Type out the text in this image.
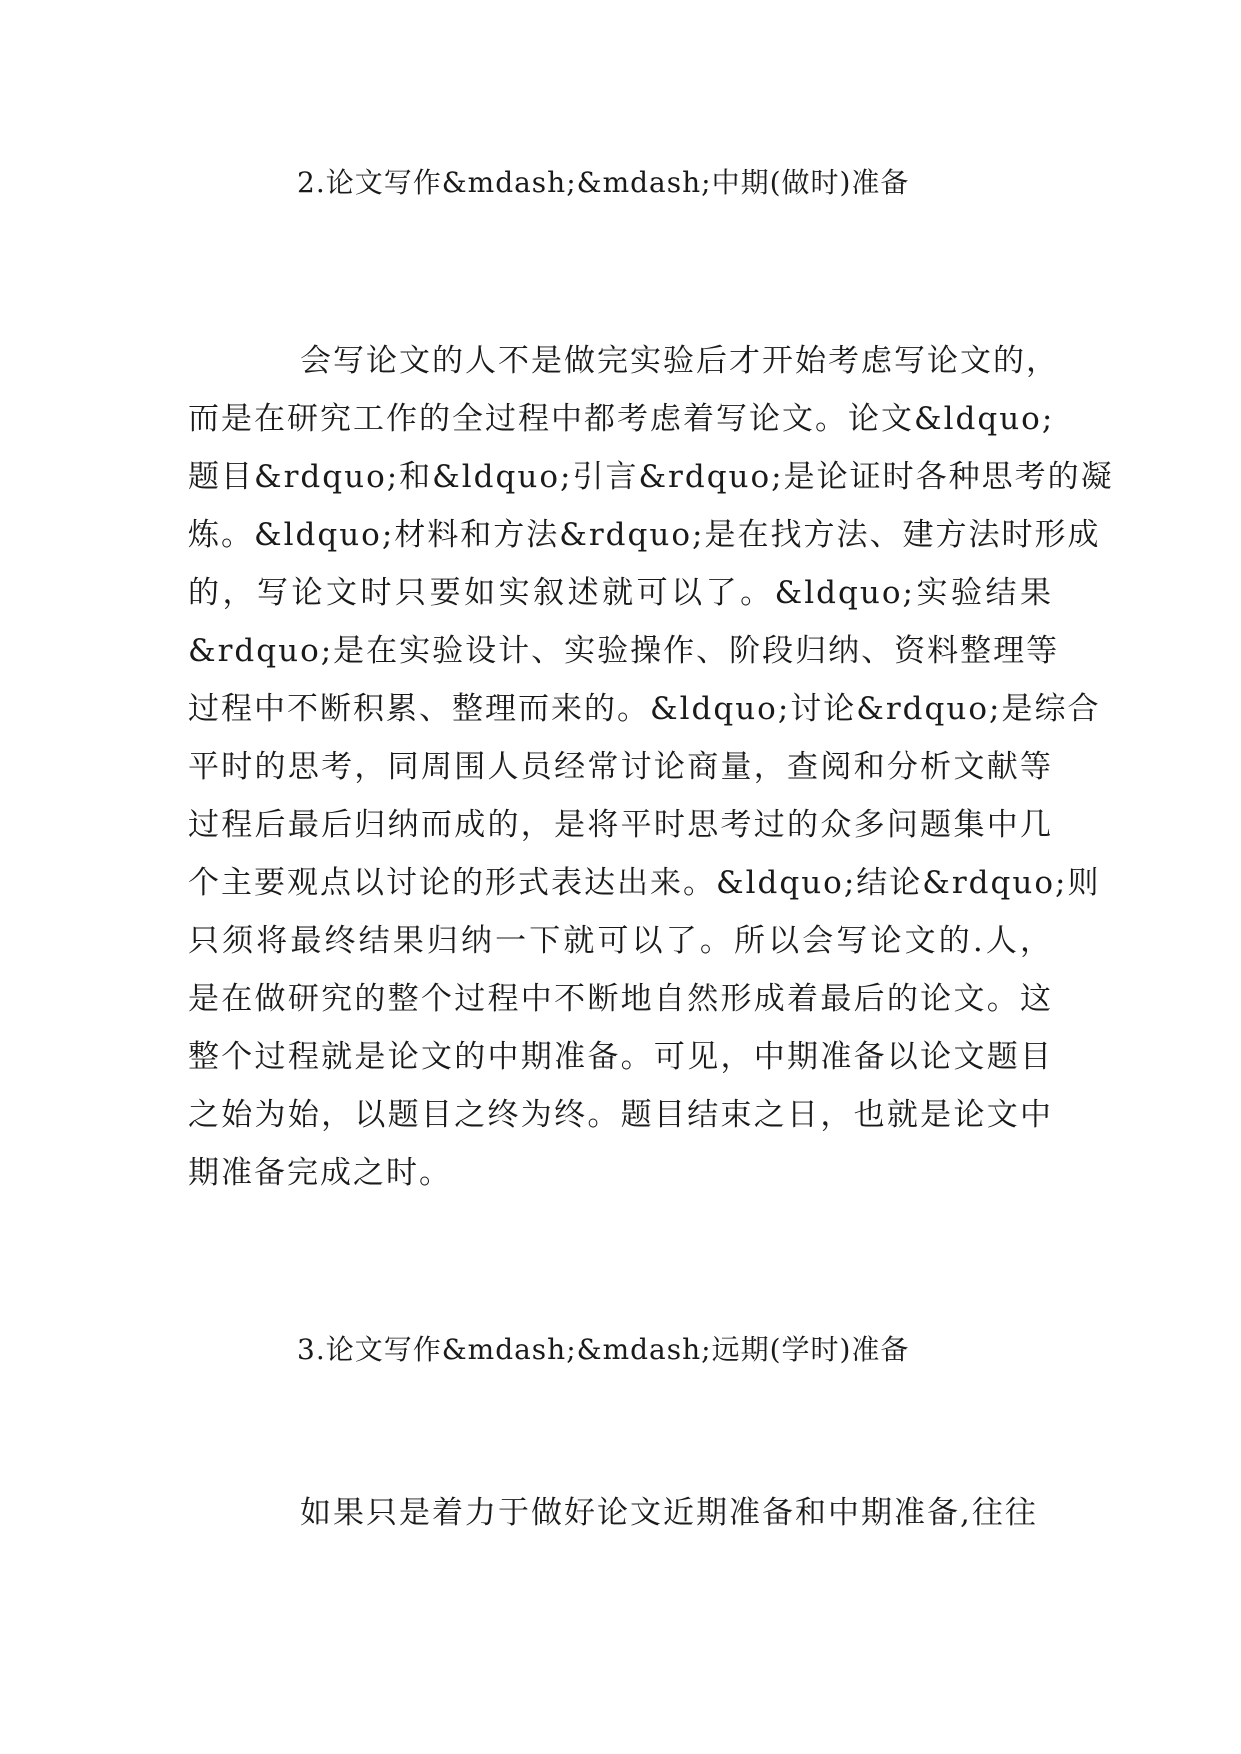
2.论文写作&mdash;&mdash;中期(做时)准备
会写论文的人不是做完实验后才开始考虑写论文的，
而是在研究工作的全过程中都考虑着写论文。论文&ldquo;
题目&rdquo;和&ldquo;引言&rdquo;是论证时各种思考的凝
炼。&ldquo;材料和方法&rdquo;是在找方法、建方法时形成
的，写论文时只要如实叙述就可以了。&ldquo;实验结果
&rdquo;是在实验设计、实验操作、阶段归纳、资料整理等
过程中不断积累、整理而来的。&ldquo;讨论&rdquo;是综合
平时的思考，同周围人员经常讨论商量，查阅和分析文献等
过程后最后归纳而成的，是将平时思考过的众多问题集中几
个主要观点以讨论的形式表达出来。&ldquo;结论&rdquo;则
只须将最终结果归纳一下就可以了。所以会写论文的.人，
是在做研究的整个过程中不断地自然形成着最后的论文。这
整个过程就是论文的中期准备。可见，中期准备以论文题目
之始为始，以题目之终为终。题目结束之日，也就是论文中
期准备完成之时。
3.论文写作&mdash;&mdash;远期(学时)准备
如果只是着力于做好论文近期准备和中期准备,往往
